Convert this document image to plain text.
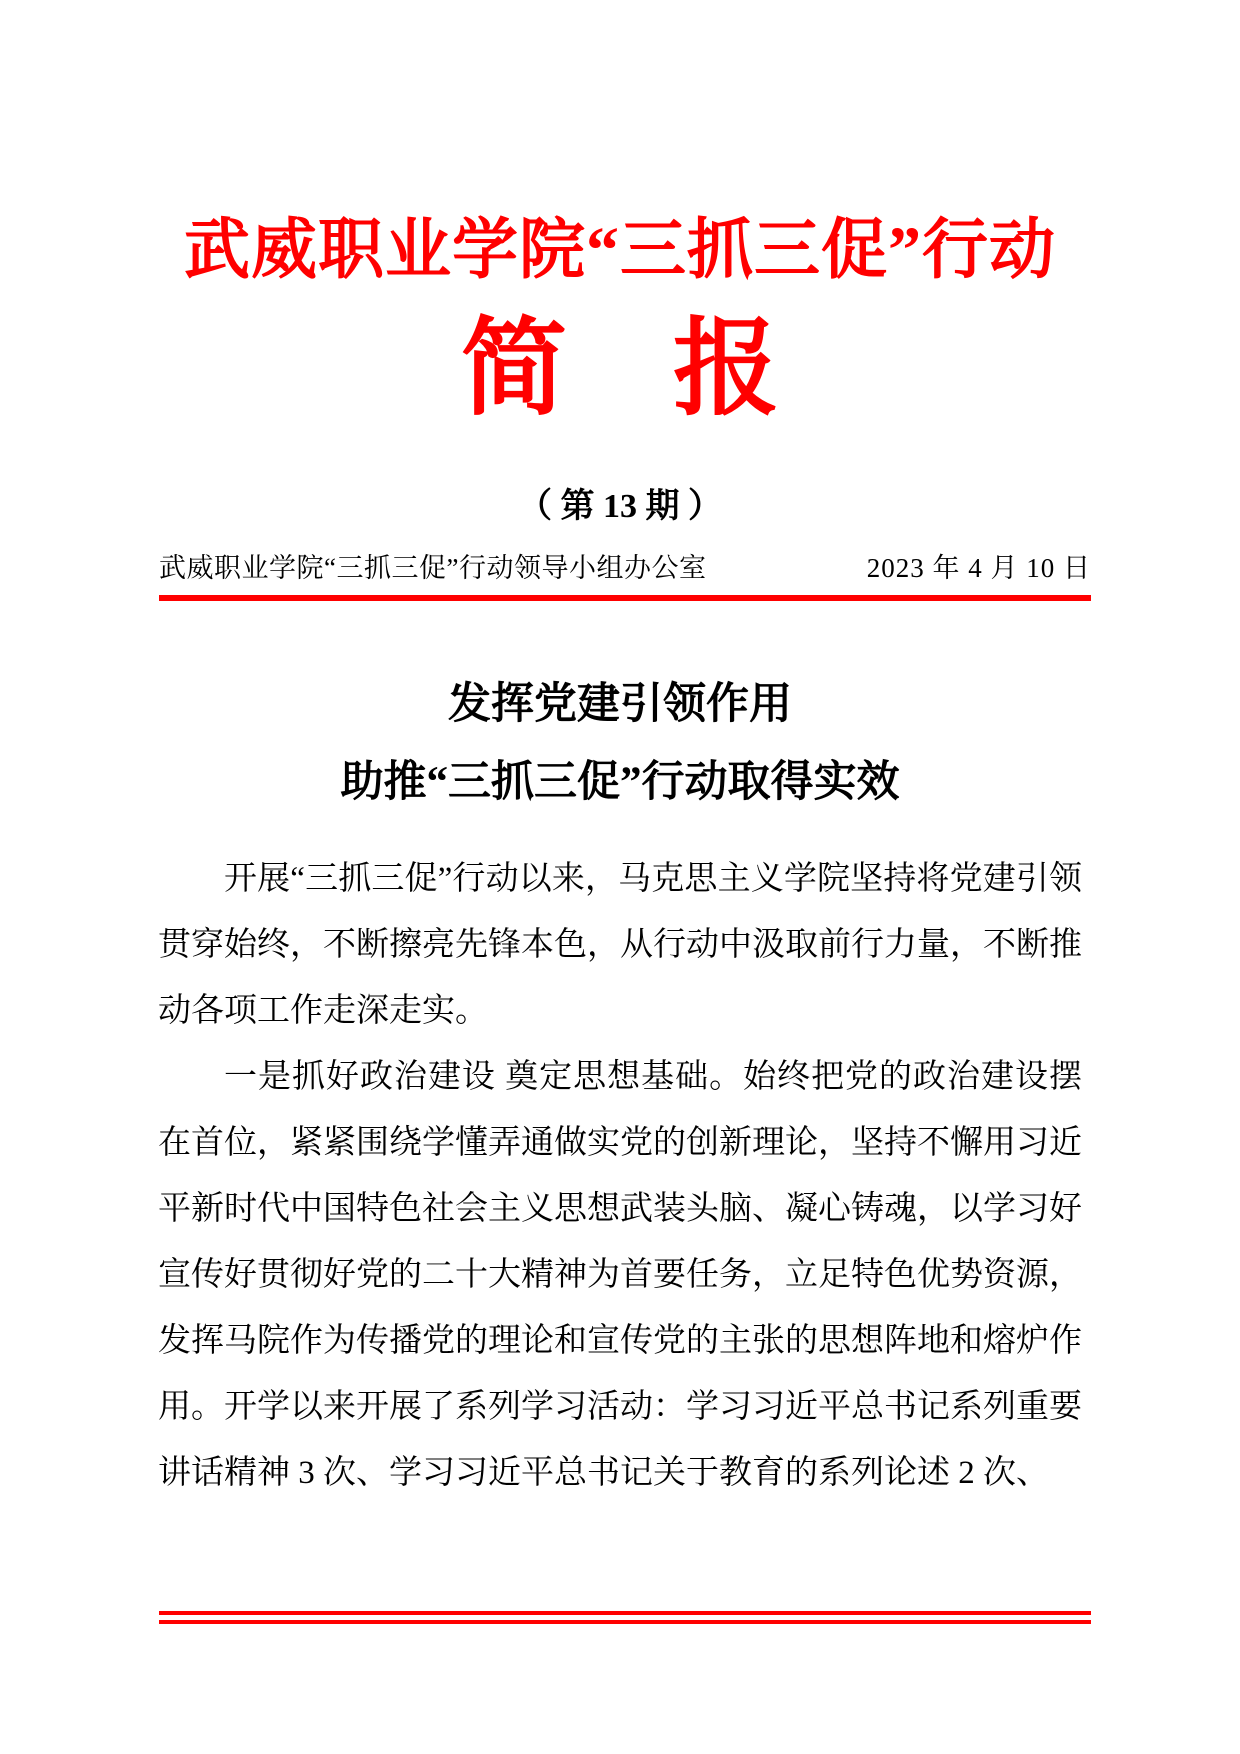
武威职业学院“三抓三促”行动
简　报
（ 第 13 期 ）
武威职业学院“三抓三促”行动领导小组办公室	2023 年 4 月 10 日
发挥党建引领作用
助推“三抓三促”行动取得实效

开展“三抓三促”行动以来，马克思主义学院坚持将党建引领贯穿始终，不断擦亮先锋本色，从行动中汲取前行力量，不断推动各项工作走深走实。

一是抓好政治建设 奠定思想基础。始终把党的政治建设摆在首位，紧紧围绕学懂弄通做实党的创新理论，坚持不懈用习近平新时代中国特色社会主义思想武装头脑、凝心铸魂，以学习好宣传好贯彻好党的二十大精神为首要任务，立足特色优势资源，发挥马院作为传播党的理论和宣传党的主张的思想阵地和熔炉作用。开学以来开展了系列学习活动：学习习近平总书记系列重要讲话精神 3 次、学习习近平总书记关于教育的系列论述 2 次、
